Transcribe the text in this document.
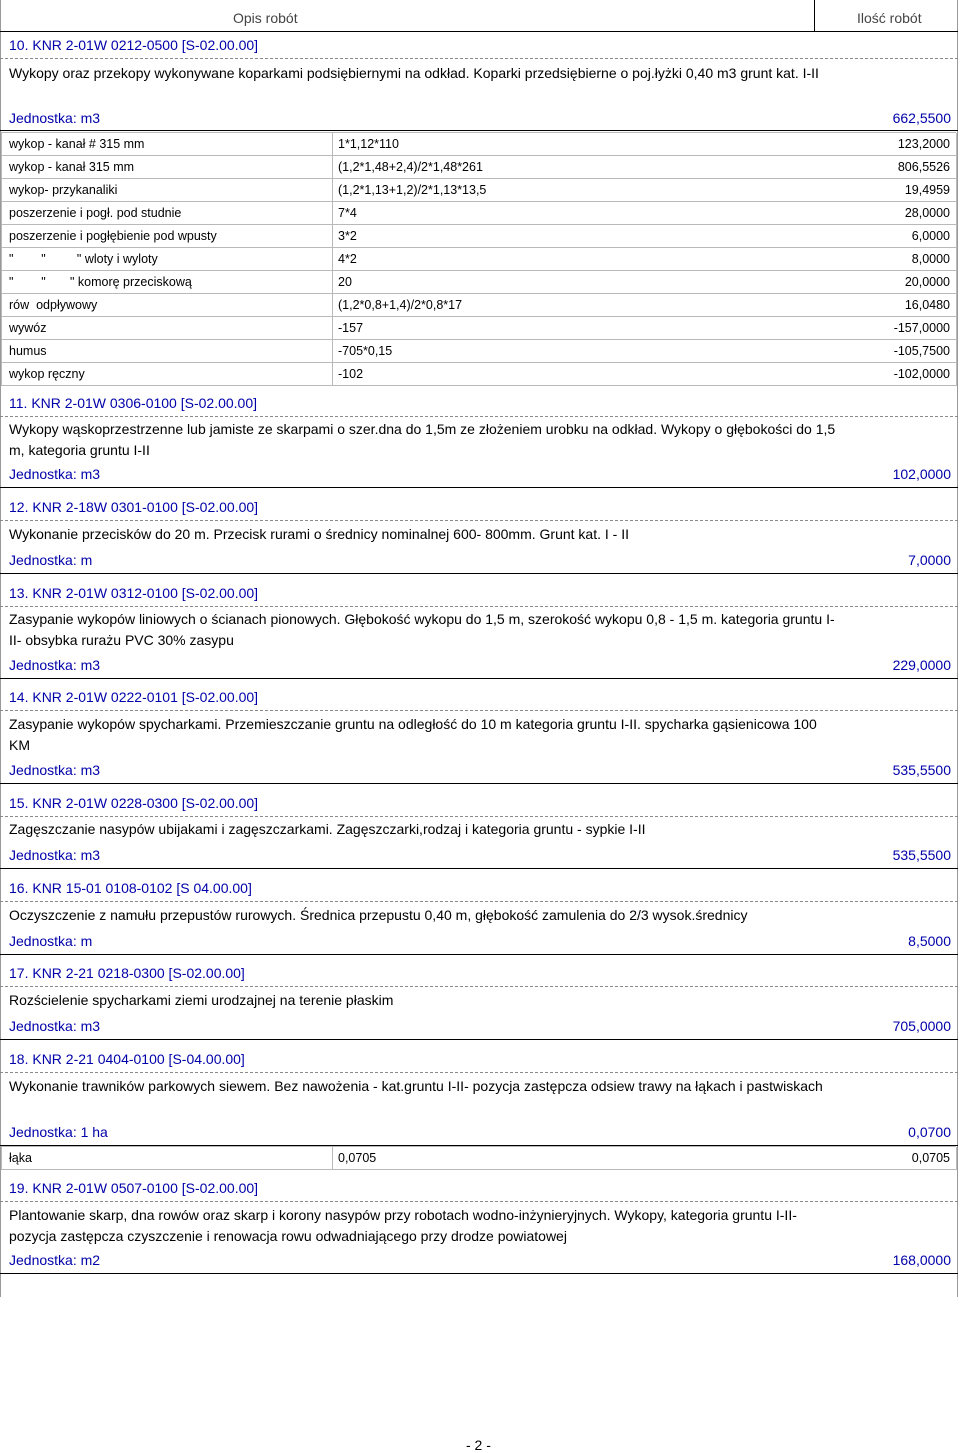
Opis robót	Ilość robót
10. KNR 2-01W 0212-0500 [S-02.00.00]
Wykopy oraz przekopy wykonywane koparkami podsiębiernymi na odkład. Koparki przedsiębierne o poj.łyżki 0,40 m3 grunt kat. I-II
Jednostka: m3	662,5500
wykop - kanał # 315 mm	1*1,12*110	123,2000
wykop - kanał 315 mm	(1,2*1,48+2,4)/2*1,48*261	806,5526
wykop- przykanaliki	(1,2*1,13+1,2)/2*1,13*13,5	19,4959
poszerzenie i pogł. pod studnie	7*4	28,0000
poszerzenie i pogłębienie pod wpusty	3*2	6,0000
"        "         " wloty i wyloty	4*2	8,0000
"        "       " komorę przeciskową	20	20,0000
rów  odpływowy	(1,2*0,8+1,4)/2*0,8*17	16,0480
wywóz	-157	-157,0000
humus	-705*0,15	-105,7500
wykop ręczny	-102	-102,0000
11. KNR 2-01W 0306-0100 [S-02.00.00]
Wykopy wąskoprzestrzenne lub jamiste ze skarpami o szer.dna do 1,5m ze złożeniem urobku na odkład. Wykopy o głębokości do 1,5 m, kategoria gruntu I-II
Jednostka: m3	102,0000
12. KNR 2-18W 0301-0100 [S-02.00.00]
Wykonanie przecisków do 20 m. Przecisk rurami o średnicy nominalnej 600- 800mm. Grunt kat. I - II
Jednostka: m	7,0000
13. KNR 2-01W 0312-0100 [S-02.00.00]
Zasypanie wykopów liniowych o ścianach pionowych. Głębokość wykopu do 1,5 m, szerokość wykopu 0,8 - 1,5 m. kategoria gruntu I-II- obsybka rurażu PVC 30% zasypu
Jednostka: m3	229,0000
14. KNR 2-01W 0222-0101 [S-02.00.00]
Zasypanie wykopów spycharkami. Przemieszczanie gruntu na odległość do 10 m kategoria gruntu I-II. spycharka gąsienicowa 100 KM
Jednostka: m3	535,5500
15. KNR 2-01W 0228-0300 [S-02.00.00]
Zagęszczanie nasypów ubijakami i zagęszczarkami. Zagęszczarki,rodzaj i kategoria gruntu - sypkie I-II
Jednostka: m3	535,5500
16. KNR 15-01 0108-0102 [S 04.00.00]
Oczyszczenie z namułu przepustów rurowych. Średnica przepustu 0,40 m, głębokość zamulenia do 2/3 wysok.średnicy
Jednostka: m	8,5000
17. KNR 2-21 0218-0300 [S-02.00.00]
Rozścielenie spycharkami ziemi urodzajnej na terenie płaskim
Jednostka: m3	705,0000
18. KNR 2-21 0404-0100 [S-04.00.00]
Wykonanie trawników parkowych siewem. Bez nawożenia - kat.gruntu I-II- pozycja zastępcza odsiew trawy na łąkach i pastwiskach
Jednostka: 1 ha	0,0700
łąka	0,0705	0,0705
19. KNR 2-01W 0507-0100 [S-02.00.00]
Plantowanie skarp, dna rowów oraz skarp i korony nasypów przy robotach wodno-inżynieryjnych. Wykopy, kategoria gruntu I-II- pozycja zastępcza czyszczenie i renowacja rowu odwadniającego przy drodze powiatowej
Jednostka: m2	168,0000
- 2 -
